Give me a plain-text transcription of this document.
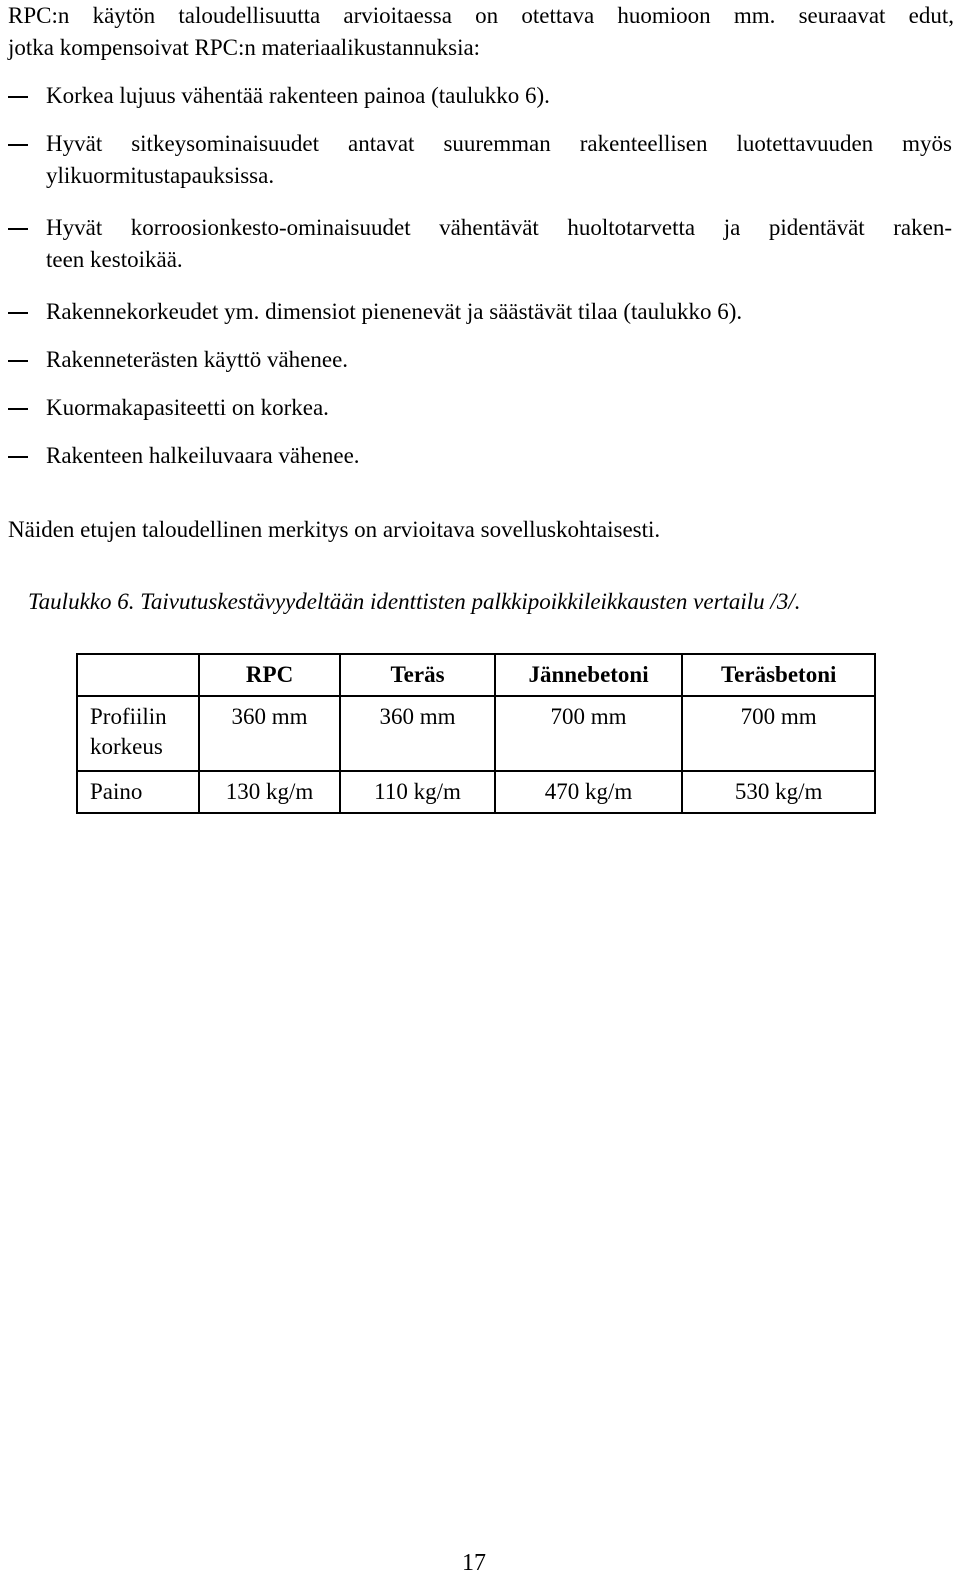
RPC:n käytön taloudellisuutta arvioitaessa on otettava huomioon mm. seuraavat edut,
jotka kompensoivat RPC:n materiaalikustannuksia:
Korkea lujuus vähentää rakenteen painoa (taulukko 6).
Hyvät sitkeysominaisuudet antavat suuremman rakenteellisen luotettavuuden myös
ylikuormitustapauksissa.
Hyvät korroosionkesto-ominaisuudet vähentävät huoltotarvetta ja pidentävät raken-
teen kestoikää.
Rakennekorkeudet ym. dimensiot pienenevät ja säästävät tilaa (taulukko 6).
Rakenneterästen käyttö vähenee.
Kuormakapasiteetti on korkea.
Rakenteen halkeiluvaara vähenee.
Näiden etujen taloudellinen merkitys on arvioitava sovelluskohtaisesti.
Taulukko 6. Taivutuskestävyydeltään identtisten palkkipoikkileikkausten vertailu /3/.
	RPC	Teräs	Jännebetoni	Teräsbetoni
Profiilin
korkeus	360 mm	360 mm	700 mm	700 mm
Paino	130 kg/m	110 kg/m	470 kg/m	530 kg/m
17
